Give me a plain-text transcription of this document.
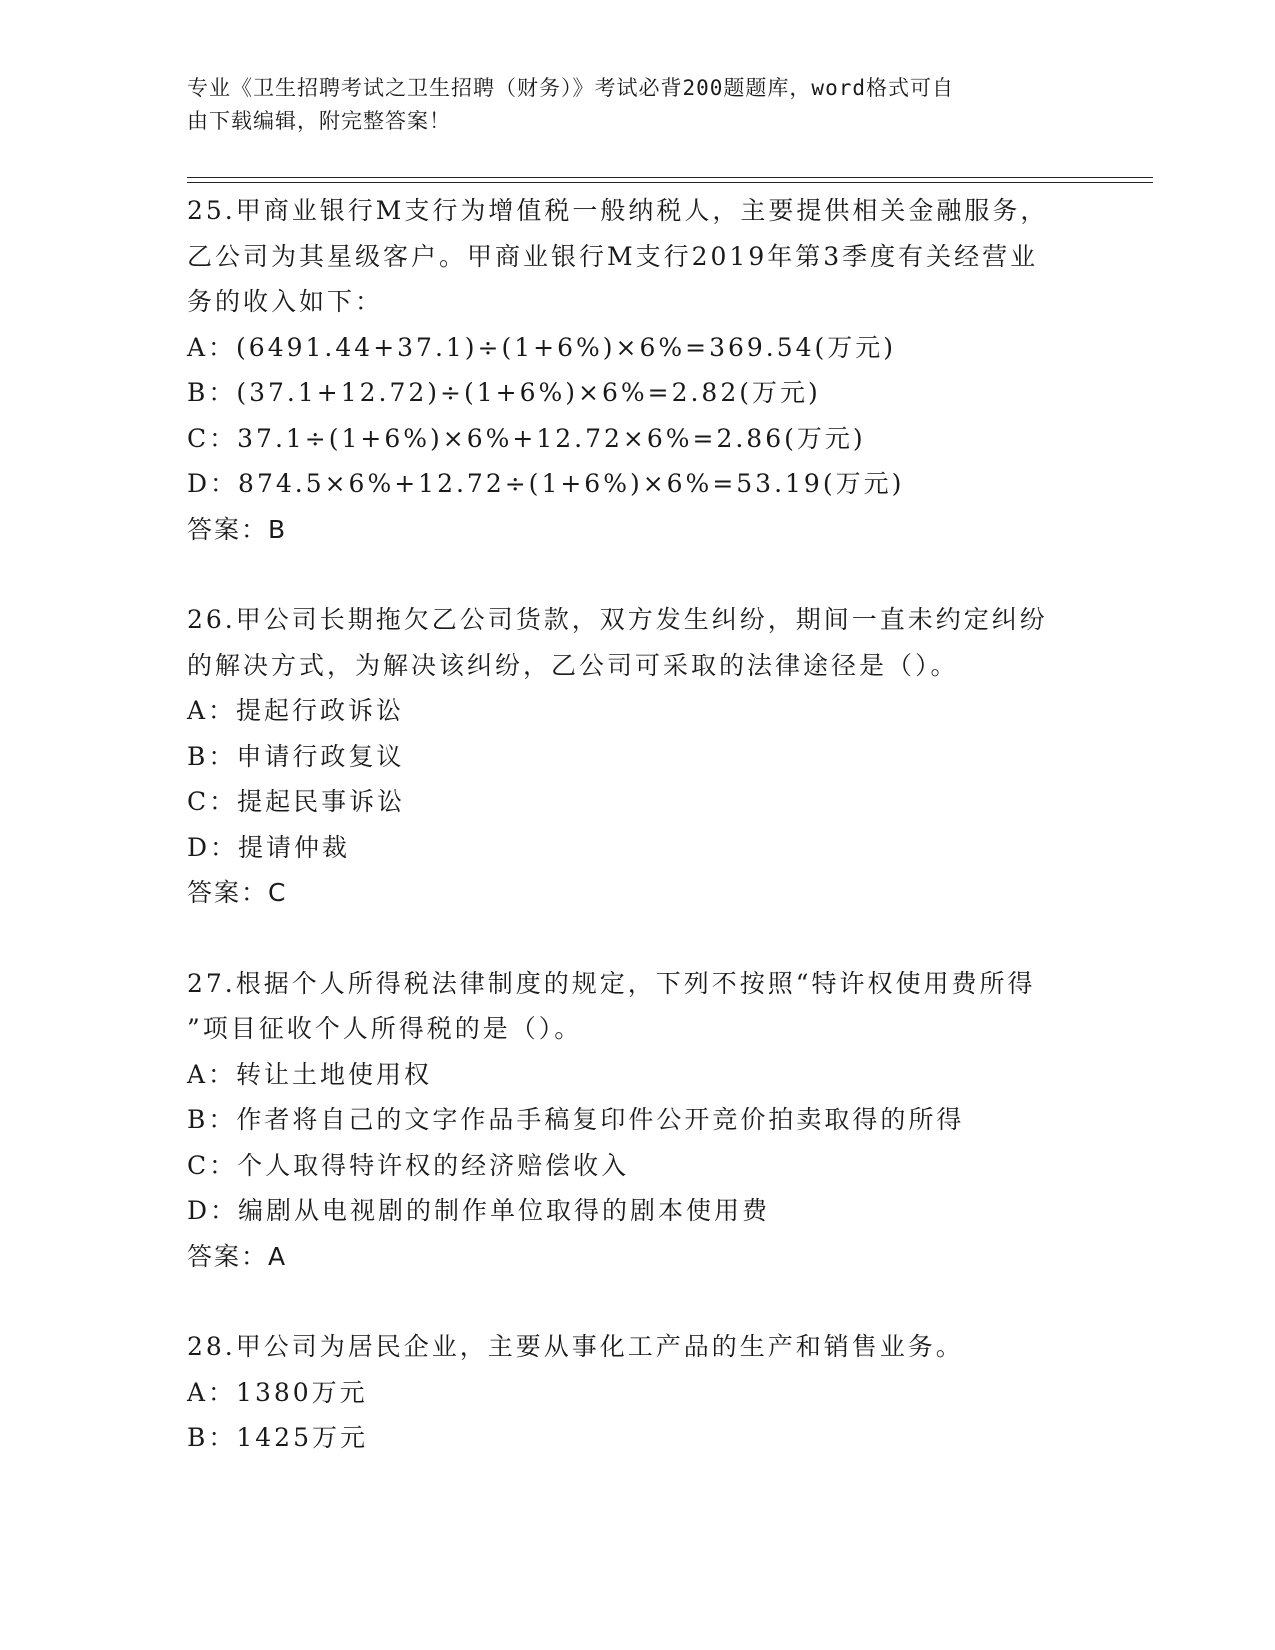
专业《卫生招聘考试之卫生招聘（财务）》考试必背200题题库，word格式可自
由下载编辑，附完整答案！
25.甲商业银行M支行为增值税一般纳税人，主要提供相关金融服务，
乙公司为其星级客户。甲商业银行M支行2019年第3季度有关经营业
务的收入如下：
A：(6491.44+37.1)÷(1+6%)×6%=369.54(万元)
B：(37.1+12.72)÷(1+6%)×6%=2.82(万元)
C：37.1÷(1+6%)×6%+12.72×6%=2.86(万元)
D：874.5×6%+12.72÷(1+6%)×6%=53.19(万元)
答案：B
26.甲公司长期拖欠乙公司货款，双方发生纠纷，期间一直未约定纠纷
的解决方式，为解决该纠纷，乙公司可采取的法律途径是（）。
A：提起行政诉讼
B：申请行政复议
C：提起民事诉讼
D：提请仲裁
答案：C
27.根据个人所得税法律制度的规定，下列不按照“特许权使用费所得
”项目征收个人所得税的是（）。
A：转让土地使用权
B：作者将自己的文字作品手稿复印件公开竞价拍卖取得的所得
C：个人取得特许权的经济赔偿收入
D：编剧从电视剧的制作单位取得的剧本使用费
答案：A
28.甲公司为居民企业，主要从事化工产品的生产和销售业务。
A：1380万元
B：1425万元
